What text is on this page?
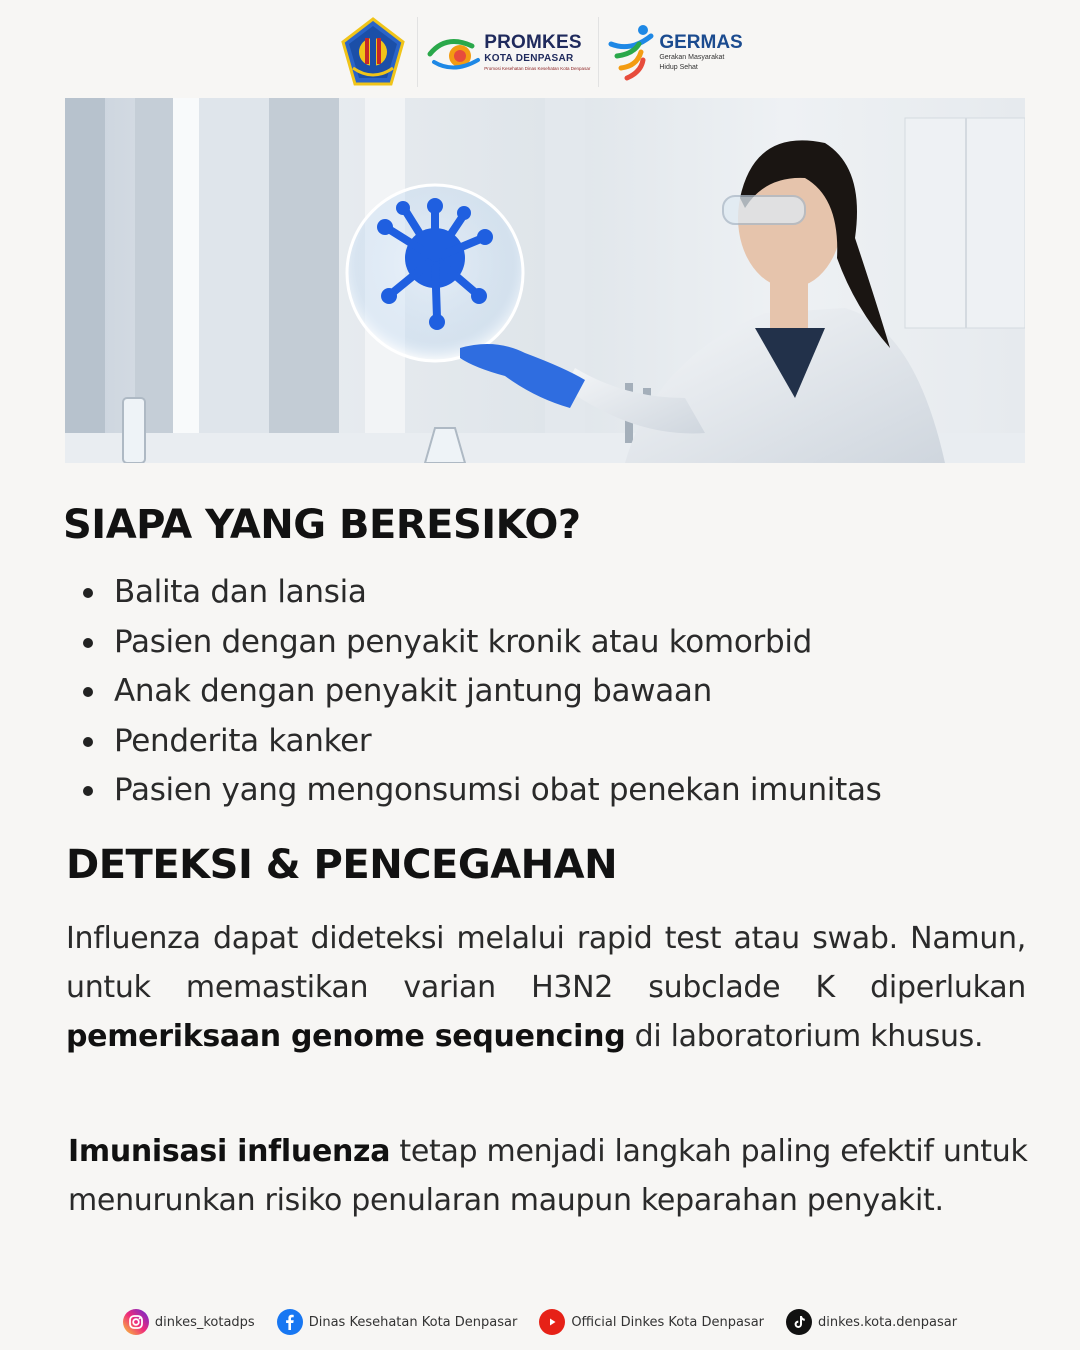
PROMKES
KOTA DENPASAR
Promosi Kesehatan Dinas Kesehatan Kota Denpasar
GERMAS
Gerakan Masyarakat
Hidup Sehat
SIAPA YANG BERESIKO?
Balita dan lansia
Pasien dengan penyakit kronik atau komorbid
Anak dengan penyakit jantung bawaan
Penderita kanker
Pasien yang mengonsumsi obat penekan imunitas
DETEKSI & PENCEGAHAN

Influenza dapat dideteksi melalui rapid test atau swab. Namun, untuk memastikan varian H3N2 subclade K diperlukan pemeriksaan genome sequencing di laboratorium khusus.

Imunisasi influenza tetap menjadi langkah paling efektif untuk menurunkan risiko penularan maupun keparahan penyakit.

dinkes_kotadps	Dinas Kesehatan Kota Denpasar	Official Dinkes Kota Denpasar	dinkes.kota.denpasar
